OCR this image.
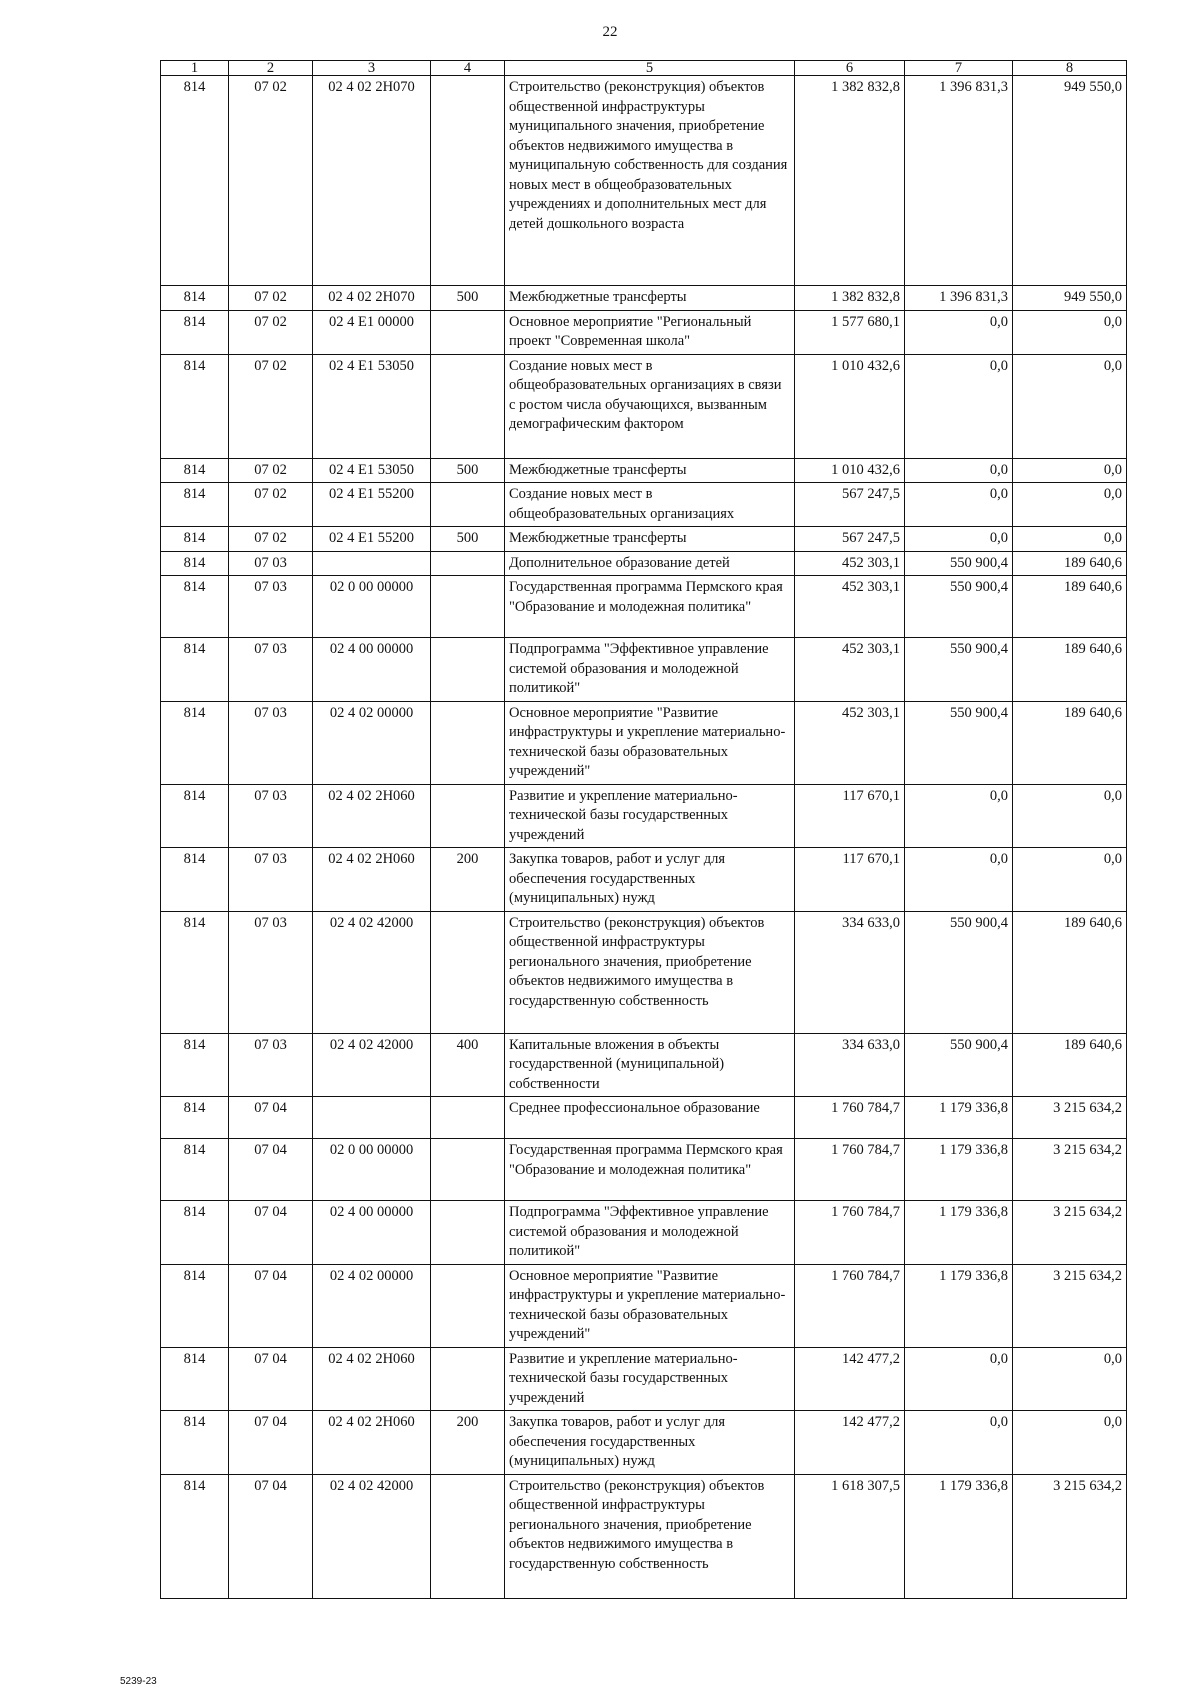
22
1	2	3	4	5	6	7	8
814	07 02	02 4 02 2Н070		Строительство (реконструкция) объектов общественной инфраструктуры муниципального значения, приобретение объектов недвижимого имущества в муниципальную собственность для создания новых мест в общеобразовательных учреждениях и дополнительных мест для детей дошкольного возраста	1 382 832,8	1 396 831,3	949 550,0
814	07 02	02 4 02 2Н070	500	Межбюджетные трансферты	1 382 832,8	1 396 831,3	949 550,0
814	07 02	02 4 Е1 00000		Основное мероприятие "Региональный проект "Современная школа"	1 577 680,1	0,0	0,0
814	07 02	02 4 Е1 53050		Создание новых мест в общеобразовательных организациях в связи с ростом числа обучающихся, вызванным демографическим фактором	1 010 432,6	0,0	0,0
814	07 02	02 4 Е1 53050	500	Межбюджетные трансферты	1 010 432,6	0,0	0,0
814	07 02	02 4 Е1 55200		Создание новых мест в общеобразовательных организациях	567 247,5	0,0	0,0
814	07 02	02 4 Е1 55200	500	Межбюджетные трансферты	567 247,5	0,0	0,0
814	07 03			Дополнительное образование детей	452 303,1	550 900,4	189 640,6
814	07 03	02 0 00 00000		Государственная программа Пермского края "Образование и молодежная политика"	452 303,1	550 900,4	189 640,6
814	07 03	02 4 00 00000		Подпрограмма "Эффективное управление системой образования и молодежной политикой"	452 303,1	550 900,4	189 640,6
814	07 03	02 4 02 00000		Основное мероприятие "Развитие инфраструктуры и укрепление материально-технической базы образовательных учреждений"	452 303,1	550 900,4	189 640,6
814	07 03	02 4 02 2Н060		Развитие и укрепление материально-технической базы государственных учреждений	117 670,1	0,0	0,0
814	07 03	02 4 02 2Н060	200	Закупка товаров, работ и услуг для обеспечения государственных (муниципальных) нужд	117 670,1	0,0	0,0
814	07 03	02 4 02 42000		Строительство (реконструкция) объектов общественной инфраструктуры регионального значения, приобретение объектов недвижимого имущества в государственную собственность	334 633,0	550 900,4	189 640,6
814	07 03	02 4 02 42000	400	Капитальные вложения в объекты государственной (муниципальной) собственности	334 633,0	550 900,4	189 640,6
814	07 04			Среднее профессиональное образование	1 760 784,7	1 179 336,8	3 215 634,2
814	07 04	02 0 00 00000		Государственная программа Пермского края "Образование и молодежная политика"	1 760 784,7	1 179 336,8	3 215 634,2
814	07 04	02 4 00 00000		Подпрограмма "Эффективное управление системой образования и молодежной политикой"	1 760 784,7	1 179 336,8	3 215 634,2
814	07 04	02 4 02 00000		Основное мероприятие "Развитие инфраструктуры и укрепление материально-технической базы образовательных учреждений"	1 760 784,7	1 179 336,8	3 215 634,2
814	07 04	02 4 02 2Н060		Развитие и укрепление материально-технической базы государственных учреждений	142 477,2	0,0	0,0
814	07 04	02 4 02 2Н060	200	Закупка товаров, работ и услуг для обеспечения государственных (муниципальных) нужд	142 477,2	0,0	0,0
814	07 04	02 4 02 42000		Строительство (реконструкция) объектов общественной инфраструктуры регионального значения, приобретение объектов недвижимого имущества в государственную собственность	1 618 307,5	1 179 336,8	3 215 634,2
5239-23
